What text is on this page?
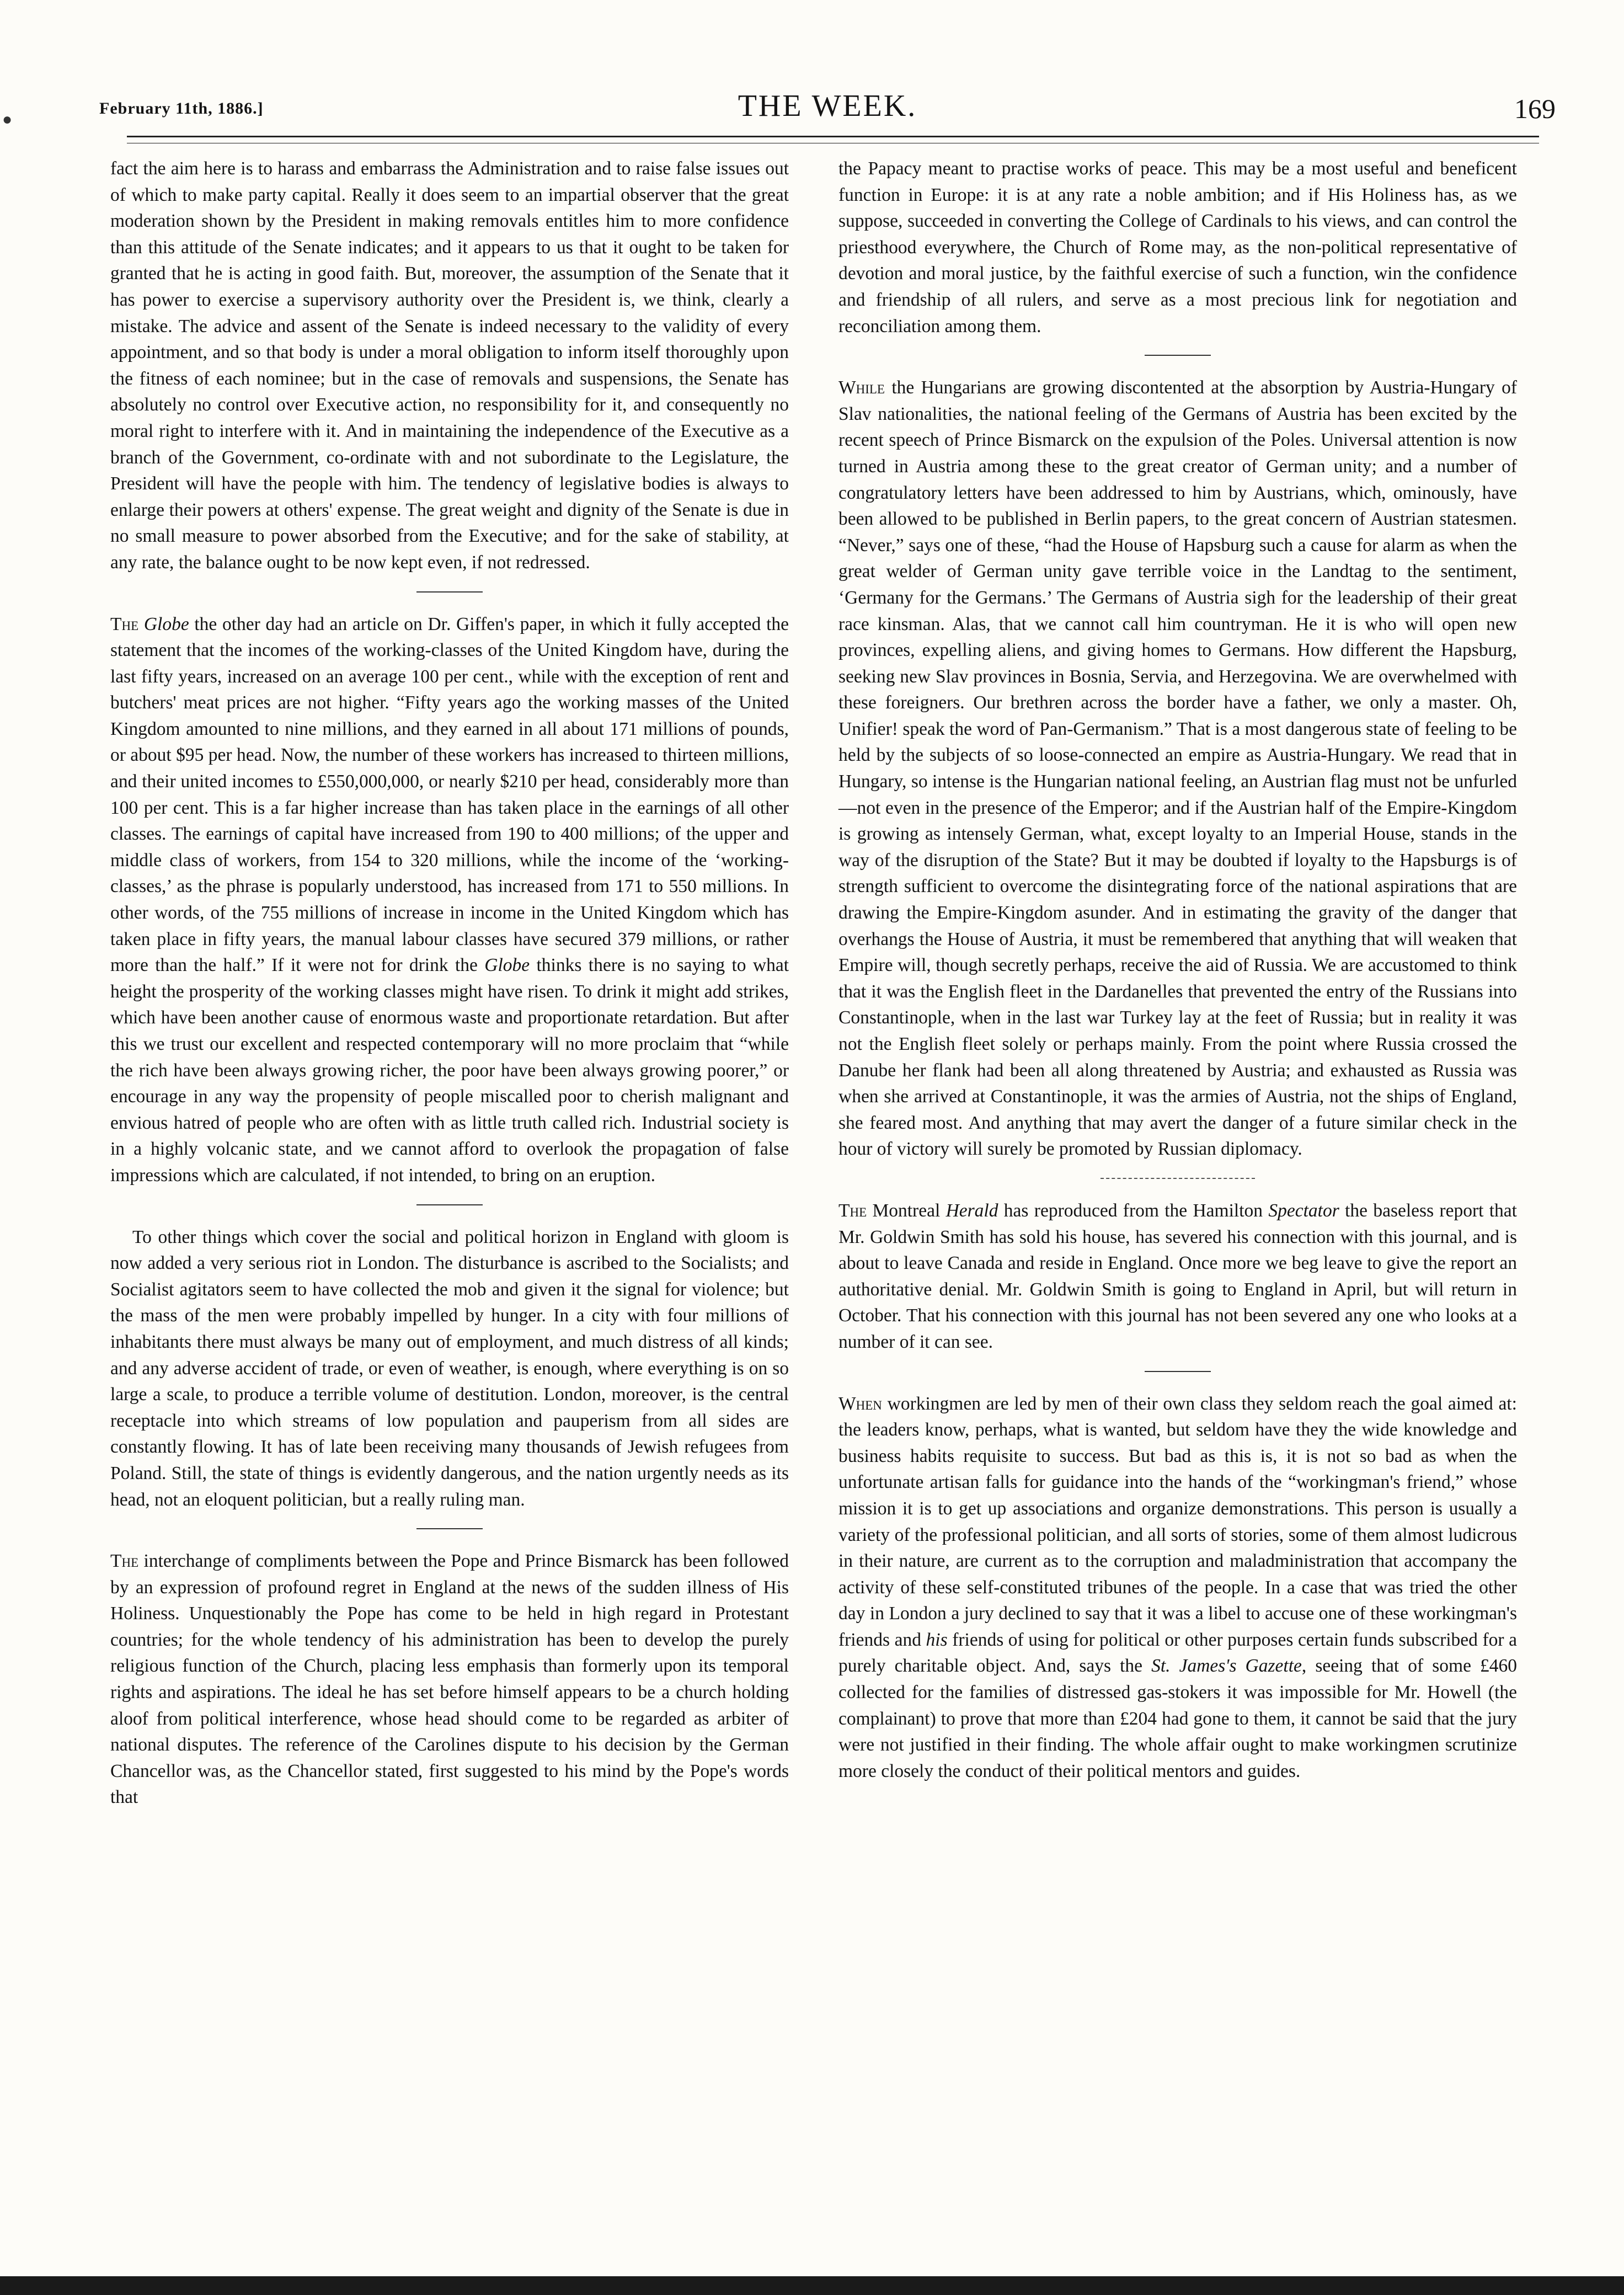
February 11th, 1886.]	THE WEEK.	169
●

fact the aim here is to harass and embarrass the Administration and to raise false issues out of which to make party capital. Really it does seem to an impartial observer that the great moderation shown by the President in making removals entitles him to more confidence than this attitude of the Senate indicates; and it appears to us that it ought to be taken for granted that he is acting in good faith. But, moreover, the assumption of the Senate that it has power to exercise a supervisory authority over the President is, we think, clearly a mistake. The advice and assent of the Senate is indeed necessary to the validity of every appointment, and so that body is under a moral obligation to inform itself thoroughly upon the fitness of each nominee; but in the case of removals and suspensions, the Senate has absolutely no control over Executive action, no responsibility for it, and consequently no moral right to interfere with it. And in maintaining the independence of the Executive as a branch of the Government, co-ordinate with and not subordinate to the Legislature, the President will have the people with him. The tendency of legislative bodies is always to enlarge their powers at others' expense. The great weight and dignity of the Senate is due in no small measure to power absorbed from the Executive; and for the sake of stability, at any rate, the balance ought to be now kept even, if not redressed.

The Globe the other day had an article on Dr. Giffen's paper, in which it fully accepted the statement that the incomes of the working-classes of the United Kingdom have, during the last fifty years, increased on an average 100 per cent., while with the exception of rent and butchers' meat prices are not higher. “Fifty years ago the working masses of the United Kingdom amounted to nine millions, and they earned in all about 171 millions of pounds, or about $95 per head. Now, the number of these workers has increased to thirteen millions, and their united incomes to £550,000,000, or nearly $210 per head, considerably more than 100 per cent. This is a far higher increase than has taken place in the earnings of all other classes. The earnings of capital have increased from 190 to 400 millions; of the upper and middle class of workers, from 154 to 320 millions, while the income of the ‘working-classes,’ as the phrase is popularly understood, has increased from 171 to 550 millions. In other words, of the 755 millions of increase in income in the United Kingdom which has taken place in fifty years, the manual labour classes have secured 379 millions, or rather more than the half.” If it were not for drink the Globe thinks there is no saying to what height the prosperity of the working classes might have risen. To drink it might add strikes, which have been another cause of enormous waste and proportionate retardation. But after this we trust our excellent and respected contemporary will no more proclaim that “while the rich have been always growing richer, the poor have been always growing poorer,” or encourage in any way the propensity of people miscalled poor to cherish malignant and envious hatred of people who are often with as little truth called rich. Industrial society is in a highly volcanic state, and we cannot afford to overlook the propagation of false impressions which are calculated, if not intended, to bring on an eruption.

To other things which cover the social and political horizon in England with gloom is now added a very serious riot in London. The disturbance is ascribed to the Socialists; and Socialist agitators seem to have collected the mob and given it the signal for violence; but the mass of the men were probably impelled by hunger. In a city with four millions of inhabitants there must always be many out of employment, and much distress of all kinds; and any adverse accident of trade, or even of weather, is enough, where everything is on so large a scale, to produce a terrible volume of destitution. London, moreover, is the central receptacle into which streams of low population and pauperism from all sides are constantly flowing. It has of late been receiving many thousands of Jewish refugees from Poland. Still, the state of things is evidently dangerous, and the nation urgently needs as its head, not an eloquent politician, but a really ruling man.

The interchange of compliments between the Pope and Prince Bismarck has been followed by an expression of profound regret in England at the news of the sudden illness of His Holiness. Unquestionably the Pope has come to be held in high regard in Protestant countries; for the whole tendency of his administration has been to develop the purely religious function of the Church, placing less emphasis than formerly upon its temporal rights and aspirations. The ideal he has set before himself appears to be a church holding aloof from political interference, whose head should come to be regarded as arbiter of national disputes. The reference of the Carolines dispute to his decision by the German Chancellor was, as the Chancellor stated, first suggested to his mind by the Pope's words that

the Papacy meant to practise works of peace. This may be a most useful and beneficent function in Europe: it is at any rate a noble ambition; and if His Holiness has, as we suppose, succeeded in converting the College of Cardinals to his views, and can control the priesthood everywhere, the Church of Rome may, as the non-political representative of devotion and moral justice, by the faithful exercise of such a function, win the confidence and friendship of all rulers, and serve as a most precious link for negotiation and reconciliation among them.

While the Hungarians are growing discontented at the absorption by Austria-Hungary of Slav nationalities, the national feeling of the Germans of Austria has been excited by the recent speech of Prince Bismarck on the expulsion of the Poles. Universal attention is now turned in Austria among these to the great creator of German unity; and a number of congratulatory letters have been addressed to him by Austrians, which, ominously, have been allowed to be published in Berlin papers, to the great concern of Austrian statesmen. “Never,” says one of these, “had the House of Hapsburg such a cause for alarm as when the great welder of German unity gave terrible voice in the Landtag to the sentiment, ‘Germany for the Germans.’ The Germans of Austria sigh for the leadership of their great race kinsman. Alas, that we cannot call him countryman. He it is who will open new provinces, expelling aliens, and giving homes to Germans. How different the Hapsburg, seeking new Slav provinces in Bosnia, Servia, and Herzegovina. We are overwhelmed with these foreigners. Our brethren across the border have a father, we only a master. Oh, Unifier! speak the word of Pan-Germanism.” That is a most dangerous state of feeling to be held by the subjects of so loose-connected an empire as Austria-Hungary. We read that in Hungary, so intense is the Hungarian national feeling, an Austrian flag must not be unfurled—not even in the presence of the Emperor; and if the Austrian half of the Empire-Kingdom is growing as intensely German, what, except loyalty to an Imperial House, stands in the way of the disruption of the State? But it may be doubted if loyalty to the Hapsburgs is of strength sufficient to overcome the disintegrating force of the national aspirations that are drawing the Empire-Kingdom asunder. And in estimating the gravity of the danger that overhangs the House of Austria, it must be remembered that anything that will weaken that Empire will, though secretly perhaps, receive the aid of Russia. We are accustomed to think that it was the English fleet in the Dardanelles that prevented the entry of the Russians into Constantinople, when in the last war Turkey lay at the feet of Russia; but in reality it was not the English fleet solely or perhaps mainly. From the point where Russia crossed the Danube her flank had been all along threatened by Austria; and exhausted as Russia was when she arrived at Constantinople, it was the armies of Austria, not the ships of England, she feared most. And anything that may avert the danger of a future similar check in the hour of victory will surely be promoted by Russian diplomacy.

The Montreal Herald has reproduced from the Hamilton Spectator the baseless report that Mr. Goldwin Smith has sold his house, has severed his connection with this journal, and is about to leave Canada and reside in England. Once more we beg leave to give the report an authoritative denial. Mr. Goldwin Smith is going to England in April, but will return in October. That his connection with this journal has not been severed any one who looks at a number of it can see.

When workingmen are led by men of their own class they seldom reach the goal aimed at: the leaders know, perhaps, what is wanted, but seldom have they the wide knowledge and business habits requisite to success. But bad as this is, it is not so bad as when the unfortunate artisan falls for guidance into the hands of the “workingman's friend,” whose mission it is to get up associations and organize demonstrations. This person is usually a variety of the professional politician, and all sorts of stories, some of them almost ludicrous in their nature, are current as to the corruption and maladministration that accompany the activity of these self-constituted tribunes of the people. In a case that was tried the other day in London a jury declined to say that it was a libel to accuse one of these workingman's friends and his friends of using for political or other purposes certain funds subscribed for a purely charitable object. And, says the St. James's Gazette, seeing that of some £460 collected for the families of distressed gas-stokers it was impossible for Mr. Howell (the complainant) to prove that more than £204 had gone to them, it cannot be said that the jury were not justified in their finding. The whole affair ought to make workingmen scrutinize more closely the conduct of their political mentors and guides.
